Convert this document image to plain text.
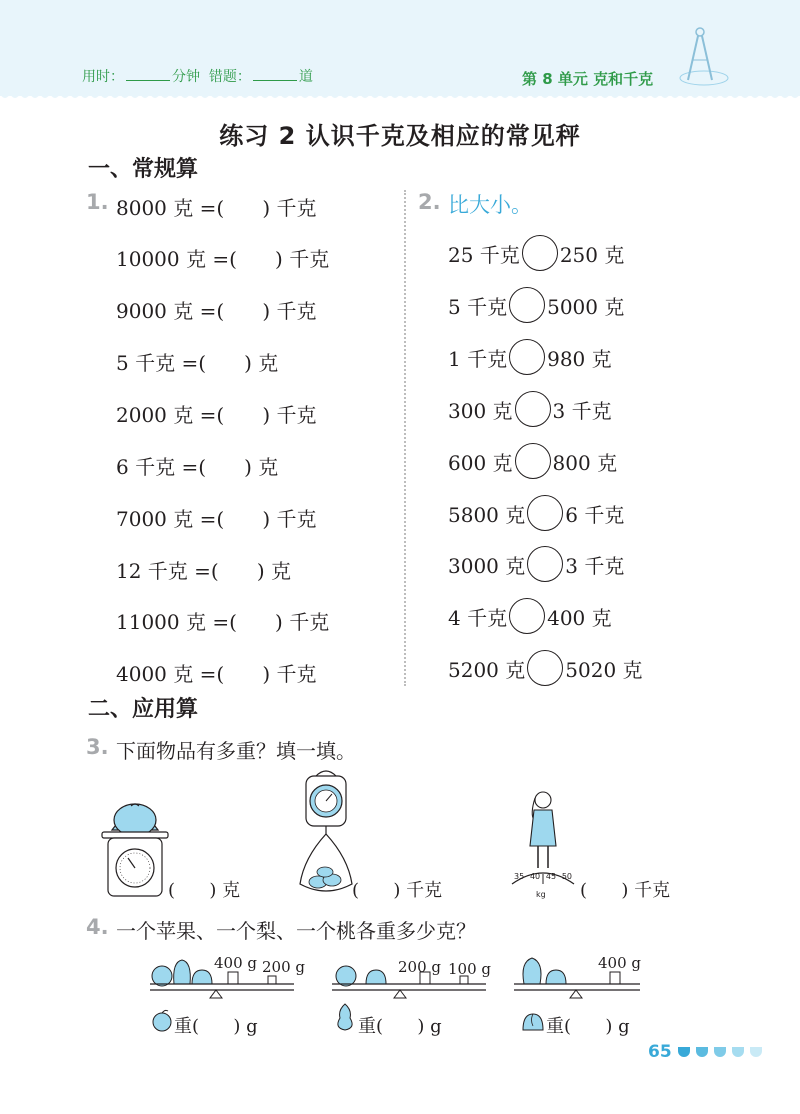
用时：	分钟 错题：	道	第 8 单元 克和千克
练习 2 认识千克及相应的常见秤
一、常规算
1. 8000 克 =(      ) 千克
10000 克 =(      ) 千克
9000 克 =(      ) 千克
5 千克 =(      ) 克
2000 克 =(      ) 千克
6 千克 =(      ) 克
7000 克 =(      ) 千克
12 千克 =(      ) 克
11000 克 =(      ) 千克
4000 克 =(      ) 千克
2. 比大小。
25 千克 250 克
5 千克 5000 克
1 千克 980 克
300 克 3 千克
600 克 800 克
5800 克 6 千克
3000 克 3 千克
4 千克 400 克
5200 克 5020 克
二、应用算
3. 下面物品有多重？填一填。
(      ) 克	(      ) 千克
35 40 45 50
kg (      ) 千克
4. 一个苹果、一个梨、一个桃各重多少克？
400 g 200 g	200 g 100 g	400 g
重(      ) g	重(      ) g	重(      ) g
65
